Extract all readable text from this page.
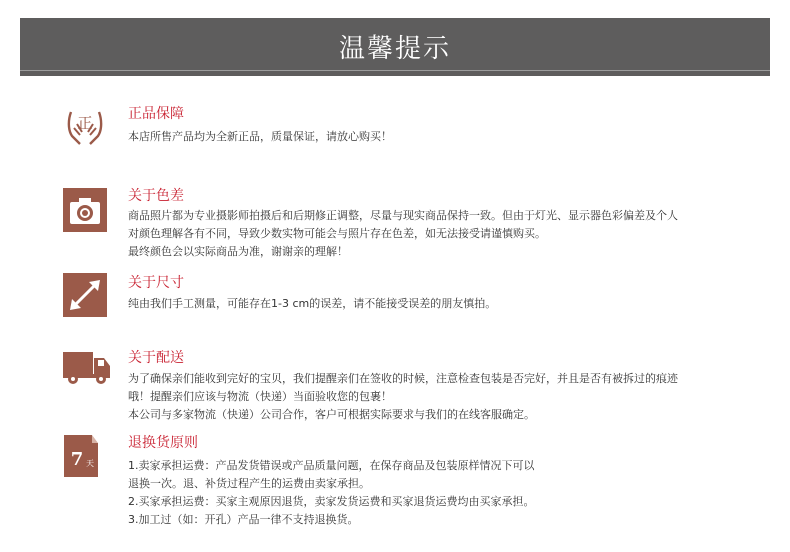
温馨提示
正	正品保障

本店所售产品均为全新正品，质量保证，请放心购买！

关于色差

商品照片都为专业摄影师拍摄后和后期修正调整，尽量与现实商品保持一致。但由于灯光、显示器色彩偏差及个人

对颜色理解各有不同，导致少数实物可能会与照片存在色差，如无法接受请谨慎购买。

最终颜色会以实际商品为准，谢谢亲的理解！

关于尺寸

纯由我们手工测量，可能存在1-3 cm的误差，请不能接受误差的朋友慎拍。

关于配送

为了确保亲们能收到完好的宝贝，我们提醒亲们在签收的时候，注意检查包装是否完好，并且是否有被拆过的痕迹

哦！提醒亲们应该与物流（快递）当面验收您的包裹！

本公司与多家物流（快递）公司合作，客户可根据实际要求与我们的在线客服确定。

7 天
退换货原则

1.卖家承担运费：产品发货错误或产品质量问题，在保存商品及包装原样情况下可以

退换一次。退、补货过程产生的运费由卖家承担。

2.买家承担运费：买家主观原因退货，卖家发货运费和买家退货运费均由买家承担。

3.加工过（如：开孔）产品一律不支持退换货。
